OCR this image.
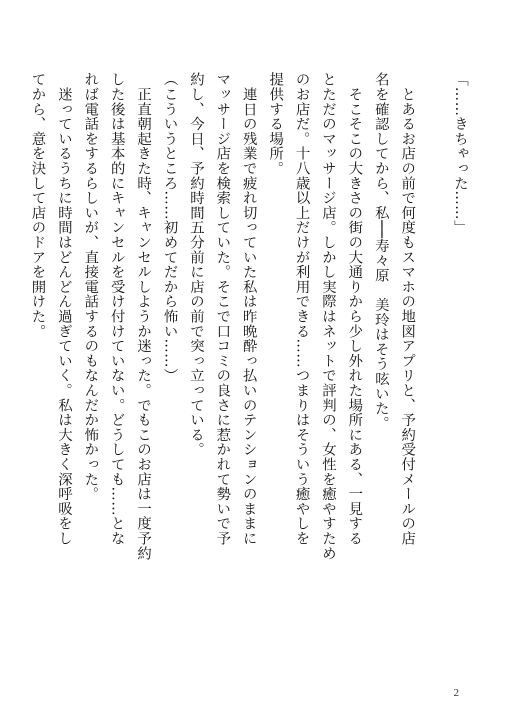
「……きちゃった……」

　とあるお店の前で何度もスマホの地図アプリと、予約受付メールの店
名を確認してから、私──寿々原　美玲はそう呟いた。
　そこそこの大きさの街の大通りから少し外れた場所にある、一見する
とただのマッサージ店。しかし実際はネットで評判の、女性を癒やすため
のお店だ。十八歳以上だけが利用できる……つまりはそういう癒やしを
提供する場所。
　連日の残業で疲れ切っていた私は昨晩酔っ払いのテンションのままに
マッサージ店を検索していた。そこで口コミの良さに惹かれて勢いで予
約し、今日、予約時間五分前に店の前で突っ立っている。
（こういうところ……初めてだから怖い……）
　正直朝起きた時、キャンセルしようか迷った。でもこのお店は一度予約
した後は基本的にキャンセルを受け付けていない。どうしても……とな
れば電話をするらしいが、直接電話するのもなんだか怖かった。
　迷っているうちに時間はどんどん過ぎていく。私は大きく深呼吸をし
てから、意を決して店のドアを開けた。
2
